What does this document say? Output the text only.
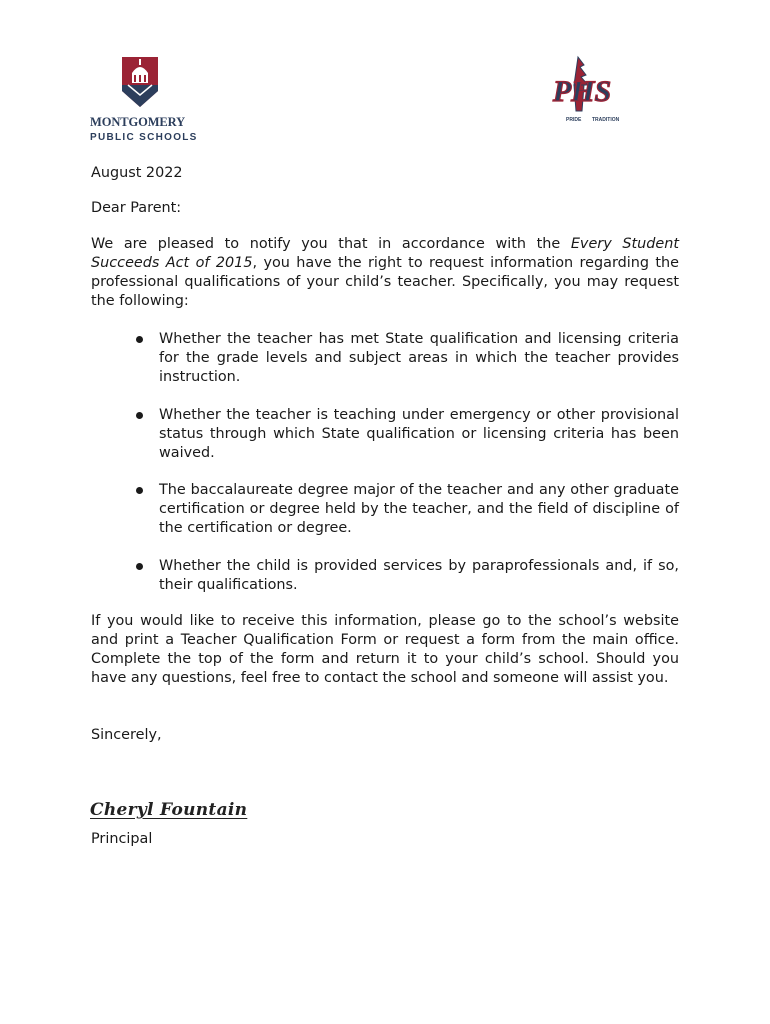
MONTGOMERY
PUBLIC SCHOOLS
PHS
PRIDE TRADITION
August 2022
Dear Parent:
We are pleased to notify you that in accordance with the Every Student Succeeds Act of 2015, you have the right to request information regarding the professional qualifications of your child’s teacher. Specifically, you may request the following:
Whether the teacher has met State qualification and licensing criteria for the grade levels and subject areas in which the teacher provides instruction.
Whether the teacher is teaching under emergency or other provisional status through which State qualification or licensing criteria has been waived.
The baccalaureate degree major of the teacher and any other graduate certification or degree held by the teacher, and the field of discipline of the certification or degree.
Whether the child is provided services by paraprofessionals and, if so, their qualifications.
If you would like to receive this information, please go to the school’s website and print a Teacher Qualification Form or request a form from the main office. Complete the top of the form and return it to your child’s school. Should you have any questions, feel free to contact the school and someone will assist you.
Sincerely,
Cheryl Fountain
Principal
